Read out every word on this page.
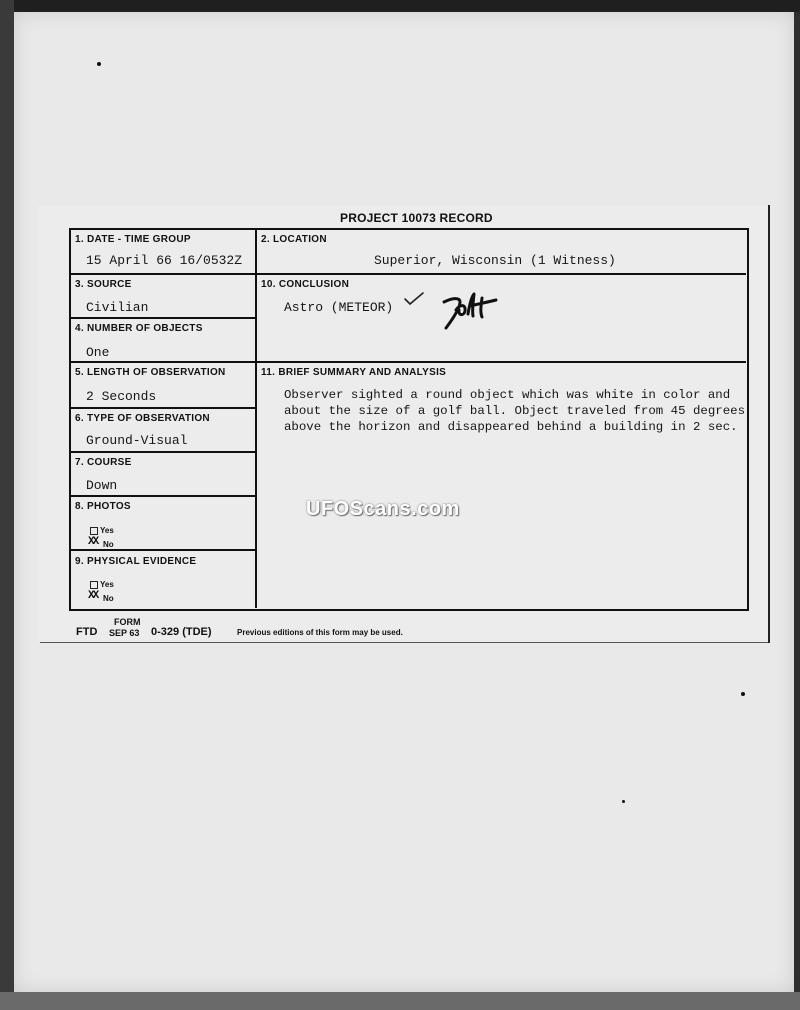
PROJECT 10073 RECORD
1. DATE - TIME GROUP
15 April 66 16/0532Z
2. LOCATION
Superior, Wisconsin (1 Witness)
3. SOURCE
Civilian
10. CONCLUSION
Astro (METEOR)
4. NUMBER OF OBJECTS
One
5. LENGTH OF OBSERVATION
2 Seconds
11. BRIEF SUMMARY AND ANALYSIS
Observer sighted a round object which was white in color and
about the size of a golf ball. Object traveled from 45 degrees
above the horizon and disappeared behind a building in 2 sec.
6. TYPE OF OBSERVATION
Ground-Visual
7. COURSE
Down
8. PHOTOS
Yes
XX No
9. PHYSICAL EVIDENCE
Yes
XX No
FORM
FTD SEP 63 0-329 (TDE)	Previous editions of this form may be used.
UFOScans.com
